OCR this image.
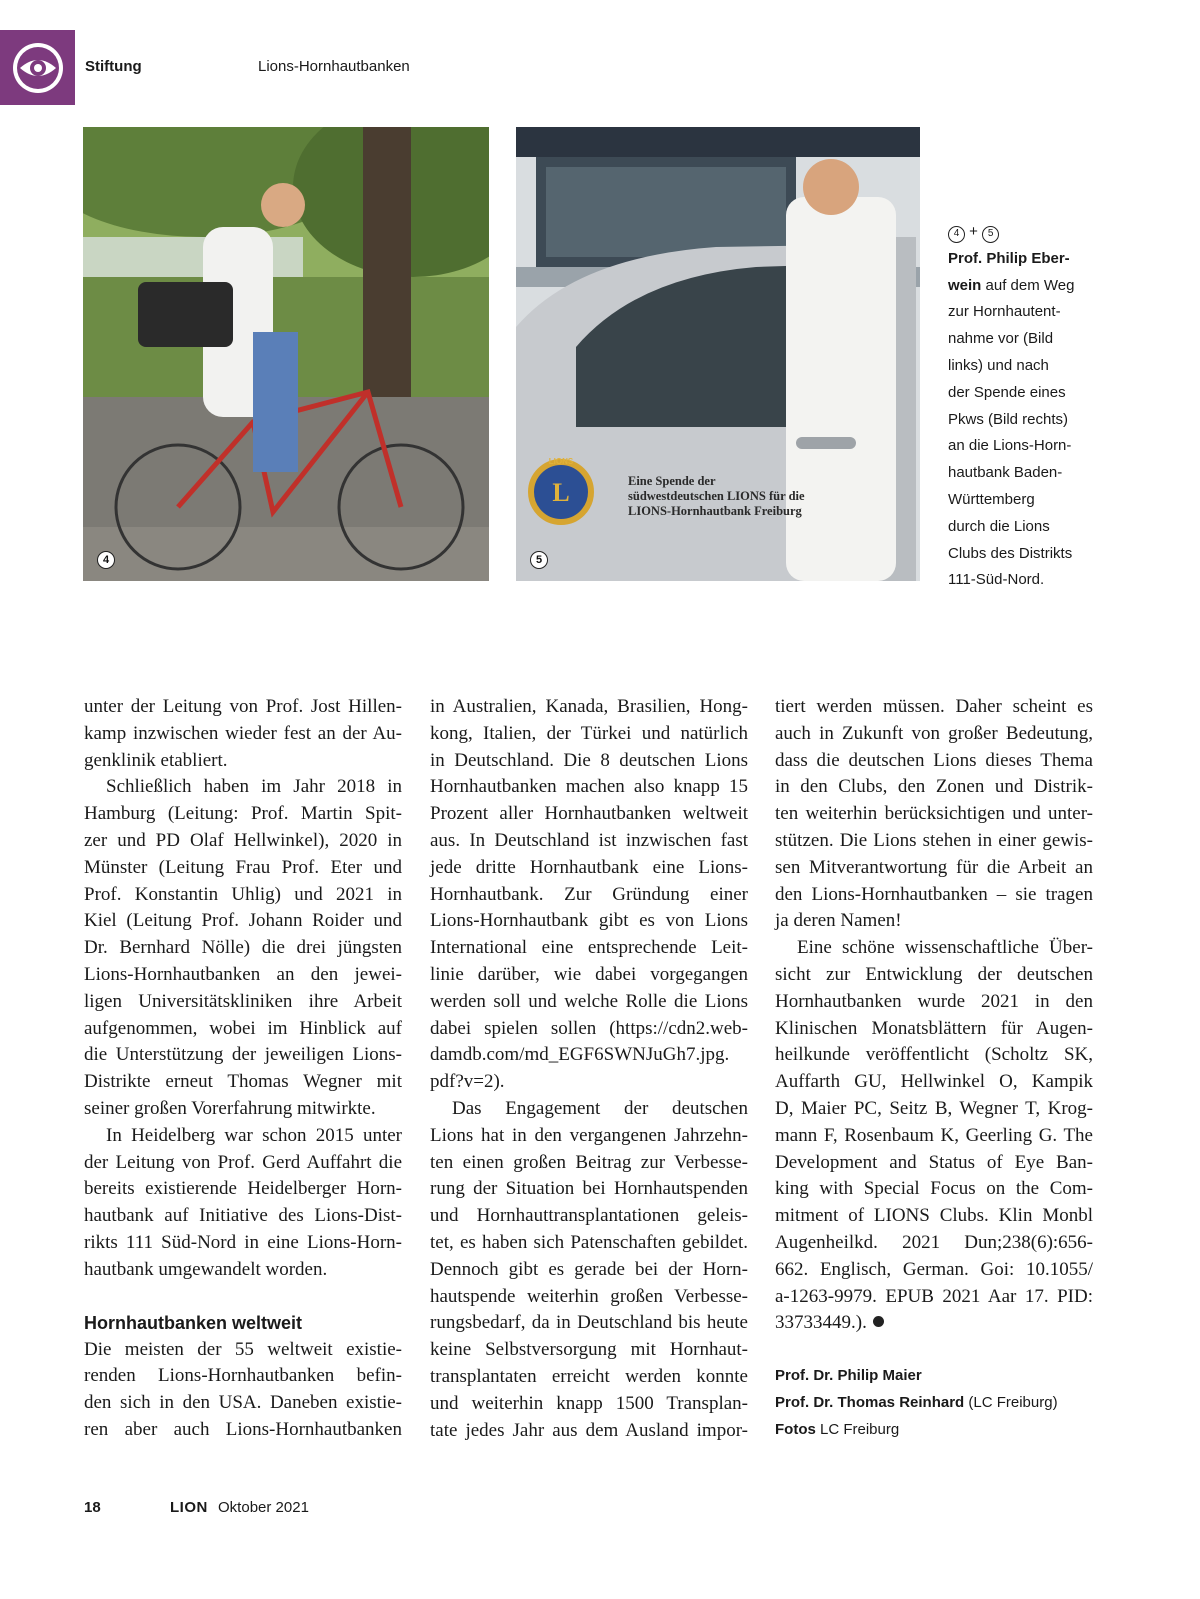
Stiftung	Lions-Hornhautbanken
4
L
LIONS
Eine Spende der
südwestdeutschen LIONS für die
LIONS-Hornhautbank Freiburg
5
4 + 5
Prof. Philip Eber-
wein auf dem Weg
zur Hornhautent-
nahme vor (Bild
links) und nach
der Spende eines
Pkws (Bild rechts)
an die Lions-Horn-
hautbank Baden-
Württemberg
durch die Lions
Clubs des Distrikts
111-Süd-Nord.
unter der Leitung von Prof. Jost Hillen-
kamp inzwischen wieder fest an der Au-
genklinik etabliert.
Schließlich haben im Jahr 2018 in
Hamburg (Leitung: Prof. Martin Spit-
zer und PD Olaf Hellwinkel), 2020 in
Münster (Leitung Frau Prof. Eter und
Prof. Konstantin Uhlig) und 2021 in
Kiel (Leitung Prof. Johann Roider und
Dr. Bernhard Nölle) die drei jüngsten
Lions-Hornhautbanken an den jewei-
ligen Universitätskliniken ihre Arbeit
aufgenommen, wobei im Hinblick auf
die Unterstützung der jeweiligen Lions-
Distrikte erneut Thomas Wegner mit
seiner großen Vorerfahrung mitwirkte.
In Heidelberg war schon 2015 unter
der Leitung von Prof. Gerd Auffahrt die
bereits existierende Heidelberger Horn-
hautbank auf Initiative des Lions-Dist-
rikts 111 Süd-Nord in eine Lions-Horn-
hautbank umgewandelt worden.
Hornhautbanken weltweit
Die meisten der 55 weltweit existie-
renden Lions-Hornhautbanken befin-
den sich in den USA. Daneben existie-
ren aber auch Lions-Hornhautbanken
in Australien, Kanada, Brasilien, Hong-
kong, Italien, der Türkei und natürlich
in Deutschland. Die 8 deutschen Lions
Hornhautbanken machen also knapp 15
Prozent aller Hornhautbanken weltweit
aus. In Deutschland ist inzwischen fast
jede dritte Hornhautbank eine Lions-
Hornhautbank. Zur Gründung einer
Lions-Hornhautbank gibt es von Lions
International eine entsprechende Leit-
linie darüber, wie dabei vorgegangen
werden soll und welche Rolle die Lions
dabei spielen sollen (https://cdn2.web-
damdb.com/md_EGF6SWNJuGh7.jpg.
pdf?v=2).
Das Engagement der deutschen
Lions hat in den vergangenen Jahrzehn-
ten einen großen Beitrag zur Verbesse-
rung der Situation bei Hornhautspenden
und Hornhauttransplantationen geleis-
tet, es haben sich Patenschaften gebildet.
Dennoch gibt es gerade bei der Horn-
hautspende weiterhin großen Verbesse-
rungsbedarf, da in Deutschland bis heute
keine Selbstversorgung mit Hornhaut-
transplantaten erreicht werden konnte
und weiterhin knapp 1500 Transplan-
tate jedes Jahr aus dem Ausland impor-
tiert werden müssen. Daher scheint es
auch in Zukunft von großer Bedeutung,
dass die deutschen Lions dieses Thema
in den Clubs, den Zonen und Distrik-
ten weiterhin berücksichtigen und unter-
stützen. Die Lions stehen in einer gewis-
sen Mitverantwortung für die Arbeit an
den Lions-Hornhautbanken – sie tragen
ja deren Namen!
Eine schöne wissenschaftliche Über-
sicht zur Entwicklung der deutschen
Hornhautbanken wurde 2021 in den
Klinischen Monatsblättern für Augen-
heilkunde veröffentlicht (Scholtz SK,
Auffarth GU, Hellwinkel O, Kampik
D, Maier PC, Seitz B, Wegner T, Krog-
mann F, Rosenbaum K, Geerling G. The
Development and Status of Eye Ban-
king with Special Focus on the Com-
mitment of LIONS Clubs. Klin Monbl
Augenheilkd. 2021 Dun;238(6):656-
662. Englisch, German. Goi: 10.1055/
a-1263-9979. EPUB 2021 Aar 17. PID:
33733449.).
Prof. Dr. Philip Maier
Prof. Dr. Thomas Reinhard (LC Freiburg)
Fotos LC Freiburg
18	LION Oktober 2021
